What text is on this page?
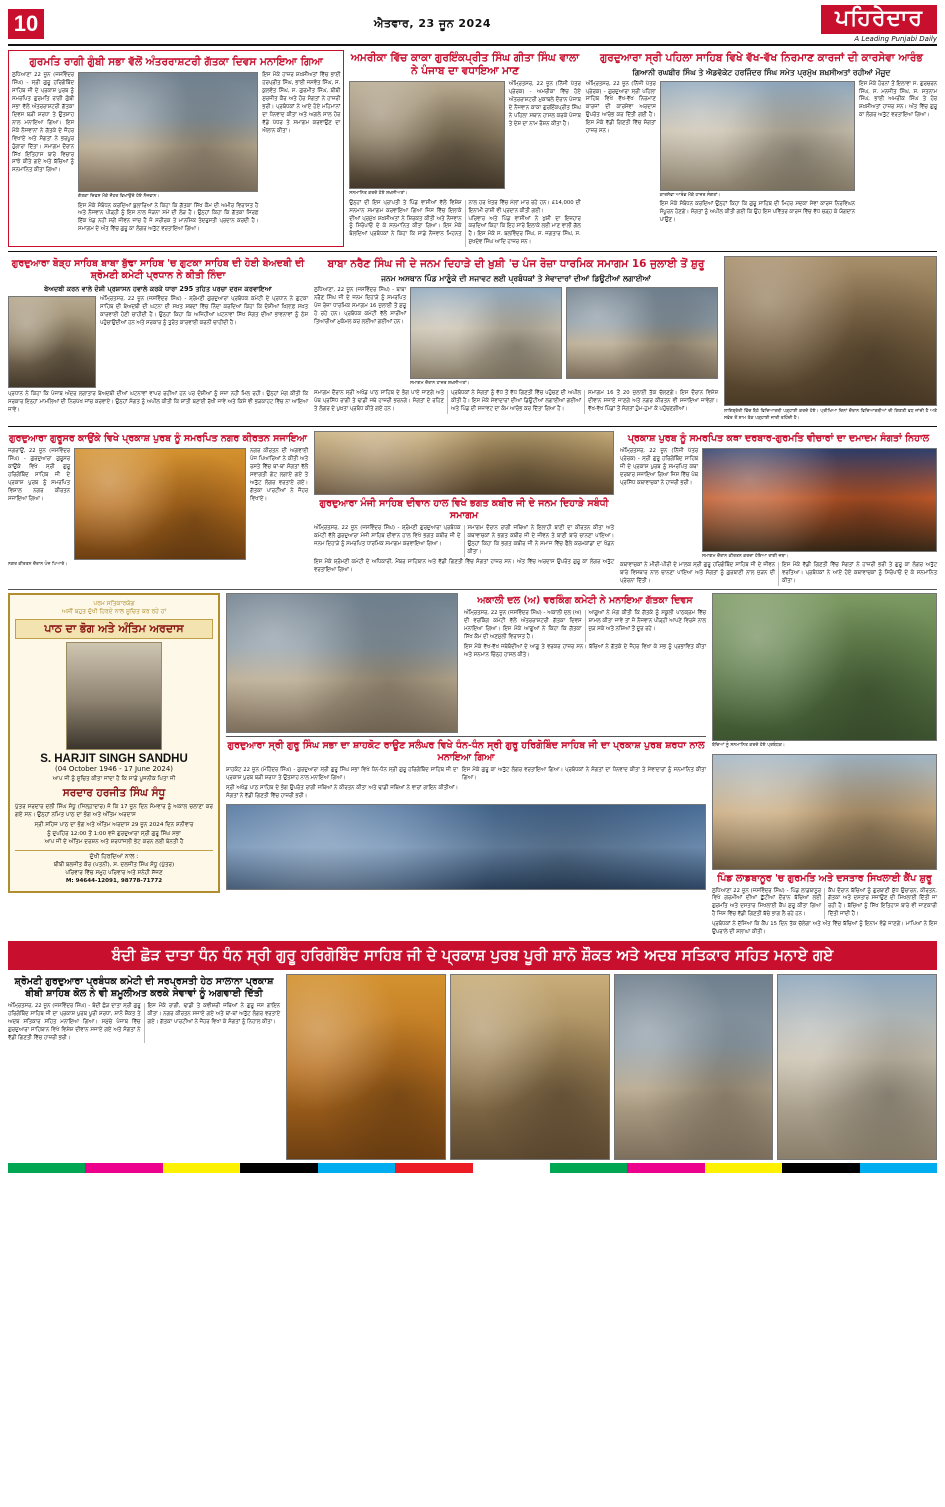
10	ਐਤਵਾਰ, 23 ਜੂਨ 2024	ਪਹਿਰੇਦਾਰ
A Leading Punjabi Daily
ਗੁਰਮਤਿ ਰਾਗੀ ਗੁੰਬੀ ਸਭਾ ਵੱਲੋਂ ਅੰਤਰਰਾਸ਼ਟਰੀ ਗੱਤਕਾ ਦਿਵਸ ਮਨਾਇਆ ਗਿਆ
ਲੁਧਿਆਣਾ 22 ਜੂਨ (ਜਸਵਿੰਦਰ ਸਿੰਘ) - ਸ੍ਰੀ ਗੁਰੂ ਹਰਿਗੋਬਿੰਦ ਸਾਹਿਬ ਜੀ ਦੇ ਪ੍ਰਕਾਸ਼ ਪੁਰਬ ਨੂੰ ਸਮਰਪਿਤ ਗੁਰਮਤਿ ਰਾਗੀ ਗੁੰਬੀ ਸਭਾ ਵੱਲੋਂ ਅੰਤਰਰਾਸ਼ਟਰੀ ਗੱਤਕਾ ਦਿਵਸ ਬੜੀ ਸ਼ਰਧਾ ਤੇ ਉਤਸ਼ਾਹ ਨਾਲ ਮਨਾਇਆ ਗਿਆ। ਇਸ ਮੌਕੇ ਨੌਜਵਾਨਾਂ ਨੇ ਗੱਤਕੇ ਦੇ ਜੌਹਰ ਵਿਖਾਏ ਅਤੇ ਸੰਗਤਾਂ ਨੇ ਭਰਪੂਰ ਹੁੰਗਾਰਾ ਦਿੱਤਾ। ਸਮਾਗਮ ਦੌਰਾਨ ਸਿੱਖ ਇਤਿਹਾਸ ਬਾਰੇ ਵਿਚਾਰ ਸਾਂਝੇ ਕੀਤੇ ਗਏ ਅਤੇ ਬੱਚਿਆਂ ਨੂੰ ਸਨਮਾਨਿਤ ਕੀਤਾ ਗਿਆ।
ਗੱਤਕਾ ਦਿਵਸ ਮੌਕੇ ਜੌਹਰ ਵਿਖਾਉਂਦੇ ਹੋਏ ਨੌਜਵਾਨ।
ਇਸ ਮੌਕੇ ਸੰਬੋਧਨ ਕਰਦਿਆਂ ਬੁਲਾਰਿਆਂ ਨੇ ਕਿਹਾ ਕਿ ਗੱਤਕਾ ਸਿੱਖ ਕੌਮ ਦੀ ਅਮੀਰ ਵਿਰਾਸਤ ਹੈ ਅਤੇ ਨੌਜਵਾਨ ਪੀੜ੍ਹੀ ਨੂੰ ਇਸ ਨਾਲ ਜੋੜਨਾ ਸਮੇਂ ਦੀ ਲੋੜ ਹੈ। ਉਨ੍ਹਾਂ ਕਿਹਾ ਕਿ ਗੱਤਕਾ ਸਿਰਫ਼ ਇੱਕ ਖੇਡ ਨਹੀਂ ਸਗੋਂ ਜੀਵਨ ਜਾਚ ਹੈ ਜੋ ਸਰੀਰਕ ਤੇ ਮਾਨਸਿਕ ਤੰਦਰੁਸਤੀ ਪ੍ਰਦਾਨ ਕਰਦੀ ਹੈ। ਸਮਾਗਮ ਦੇ ਅੰਤ ਵਿੱਚ ਗੁਰੂ ਕਾ ਲੰਗਰ ਅਤੁੱਟ ਵਰਤਾਇਆ ਗਿਆ।
ਇਸ ਮੌਕੇ ਹਾਜ਼ਰ ਸ਼ਖ਼ਸੀਅਤਾਂ ਵਿੱਚ ਭਾਈ ਹਰਪ੍ਰੀਤ ਸਿੰਘ, ਭਾਈ ਜਸਵੰਤ ਸਿੰਘ, ਸ. ਕੁਲਵੰਤ ਸਿੰਘ, ਸ. ਗੁਰਮੀਤ ਸਿੰਘ, ਬੀਬੀ ਸੁਰਜੀਤ ਕੌਰ ਅਤੇ ਹੋਰ ਸੰਗਤਾਂ ਨੇ ਹਾਜ਼ਰੀ ਭਰੀ। ਪ੍ਰਬੰਧਕਾਂ ਨੇ ਆਏ ਹੋਏ ਮਹਿਮਾਨਾਂ ਦਾ ਧੰਨਵਾਦ ਕੀਤਾ ਅਤੇ ਅਗਲੇ ਸਾਲ ਹੋਰ ਵੱਡੇ ਪੱਧਰ ਤੇ ਸਮਾਗਮ ਕਰਵਾਉਣ ਦਾ ਐਲਾਨ ਕੀਤਾ।
ਅਮਰੀਕਾ ਵਿੱਚ ਕਾਕਾ ਗੁਰਇੰਕਪ੍ਰੀਤ ਸਿੰਘ ਗੀਤਾ ਸਿੰਘ ਵਾਲਾ ਨੇ ਪੰਜਾਬ ਦਾ ਵਧਾਇਆ ਮਾਣ
ਅੰਮ੍ਰਿਤਸਰ, 22 ਜੂਨ (ਨਿੱਜੀ ਪੱਤਰ ਪ੍ਰੇਰਕ) - ਅਮਰੀਕਾ ਵਿੱਚ ਹੋਏ ਅੰਤਰਰਾਸ਼ਟਰੀ ਮੁਕਾਬਲੇ ਦੌਰਾਨ ਪੰਜਾਬ ਦੇ ਨੌਜਵਾਨ ਕਾਕਾ ਗੁਰਇੰਕਪ੍ਰੀਤ ਸਿੰਘ ਨੇ ਪਹਿਲਾ ਸਥਾਨ ਹਾਸਲ ਕਰਕੇ ਪੰਜਾਬ ਤੇ ਦੇਸ਼ ਦਾ ਨਾਮ ਰੌਸ਼ਨ ਕੀਤਾ ਹੈ।
ਸਨਮਾਨਿਤ ਕਰਦੇ ਹੋਏ ਸ਼ਖ਼ਸੀਅਤਾਂ।
ਉਨ੍ਹਾਂ ਦੀ ਇਸ ਪ੍ਰਾਪਤੀ ਤੇ ਪਿੰਡ ਵਾਸੀਆਂ ਵੱਲੋਂ ਵਿਸ਼ੇਸ਼ ਸਨਮਾਨ ਸਮਾਗਮ ਕਰਵਾਇਆ ਗਿਆ ਜਿਸ ਵਿੱਚ ਇਲਾਕੇ ਦੀਆਂ ਪ੍ਰਮੁੱਖ ਸ਼ਖ਼ਸੀਅਤਾਂ ਨੇ ਸ਼ਿਰਕਤ ਕੀਤੀ ਅਤੇ ਨੌਜਵਾਨ ਨੂੰ ਸਿਰੋਪਾਓ ਦੇ ਕੇ ਸਨਮਾਨਿਤ ਕੀਤਾ ਗਿਆ। ਇਸ ਮੌਕੇ ਬੋਲਦਿਆਂ ਪ੍ਰਬੰਧਕਾਂ ਨੇ ਕਿਹਾ ਕਿ ਸਾਡੇ ਨੌਜਵਾਨ ਮਿਹਨਤ ਨਾਲ ਹਰ ਖੇਤਰ ਵਿੱਚ ਮੱਲਾਂ ਮਾਰ ਰਹੇ ਹਨ। £14,000 ਦੀ ਇਨਾਮੀ ਰਾਸ਼ੀ ਵੀ ਪ੍ਰਦਾਨ ਕੀਤੀ ਗਈ।
ਪਰਿਵਾਰ ਅਤੇ ਪਿੰਡ ਵਾਸੀਆਂ ਨੇ ਖੁਸ਼ੀ ਦਾ ਇਜ਼ਹਾਰ ਕਰਦਿਆਂ ਕਿਹਾ ਕਿ ਇਹ ਸਾਰੇ ਇਲਾਕੇ ਲਈ ਮਾਣ ਵਾਲੀ ਗੱਲ ਹੈ। ਇਸ ਮੌਕੇ ਸ. ਬਲਵਿੰਦਰ ਸਿੰਘ, ਸ. ਜਗਤਾਰ ਸਿੰਘ, ਸ. ਸੁਖਦੇਵ ਸਿੰਘ ਆਦਿ ਹਾਜ਼ਰ ਸਨ।
ਗੁਰਦੁਆਰਾ ਸ੍ਰੀ ਪਹਿਲਾ ਸਾਹਿਬ ਵਿਖੇ ਵੱਖ-ਵੱਖ ਨਿਰਮਾਣ ਕਾਰਜਾਂ ਦੀ ਕਾਰਸੇਵਾ ਆਰੰਭ
ਗਿਆਨੀ ਰਘਬੀਰ ਸਿੰਘ ਤੇ ਐਡਵੋਕੇਟ ਹਰਜਿੰਦਰ ਸਿੰਘ ਸਮੇਤ ਪ੍ਰਮੁੱਖ ਸ਼ਖ਼ਸੀਅਤਾਂ ਰਹੀਆਂ ਮੌਜੂਦ
ਅੰਮ੍ਰਿਤਸਰ, 22 ਜੂਨ (ਨਿੱਜੀ ਪੱਤਰ ਪ੍ਰੇਰਕ) - ਗੁਰਦੁਆਰਾ ਸ੍ਰੀ ਪਹਿਲਾ ਸਾਹਿਬ ਵਿਖੇ ਵੱਖ-ਵੱਖ ਨਿਰਮਾਣ ਕਾਰਜਾਂ ਦੀ ਕਾਰਸੇਵਾ ਅਰਦਾਸ ਉਪਰੰਤ ਆਰੰਭ ਕਰ ਦਿੱਤੀ ਗਈ ਹੈ। ਇਸ ਮੌਕੇ ਵੱਡੀ ਗਿਣਤੀ ਵਿੱਚ ਸੰਗਤਾਂ ਹਾਜ਼ਰ ਸਨ।
ਕਾਰਸੇਵਾ ਆਰੰਭ ਮੌਕੇ ਹਾਜ਼ਰ ਸੰਗਤਾਂ।
ਇਸ ਮੌਕੇ ਸੰਬੋਧਨ ਕਰਦਿਆਂ ਉਨ੍ਹਾਂ ਕਿਹਾ ਕਿ ਗੁਰੂ ਸਾਹਿਬ ਦੀ ਮਿਹਰ ਸਦਕਾ ਸੇਵਾ ਕਾਰਜ ਨਿਰਵਿਘਨ ਸੰਪੂਰਨ ਹੋਣਗੇ। ਸੰਗਤਾਂ ਨੂੰ ਅਪੀਲ ਕੀਤੀ ਗਈ ਕਿ ਉਹ ਇਸ ਪਵਿੱਤਰ ਕਾਰਜ ਵਿੱਚ ਵੱਧ ਚੜ੍ਹ ਕੇ ਯੋਗਦਾਨ ਪਾਉਣ।
ਇਸ ਮੌਕੇ ਹੋਰਨਾਂ ਤੋਂ ਇਲਾਵਾ ਸ. ਗੁਰਚਰਨ ਸਿੰਘ, ਸ. ਮਨਜੀਤ ਸਿੰਘ, ਸ. ਸਤਨਾਮ ਸਿੰਘ, ਭਾਈ ਅਮਰੀਕ ਸਿੰਘ ਤੇ ਹੋਰ ਸ਼ਖ਼ਸੀਅਤਾਂ ਹਾਜ਼ਰ ਸਨ। ਅੰਤ ਵਿੱਚ ਗੁਰੂ ਕਾ ਲੰਗਰ ਅਤੁੱਟ ਵਰਤਾਇਆ ਗਿਆ।
ਗੁਰਦੁਆਰਾ ਬੋੜ੍ਹ ਸਾਹਿਬ ਬਾਬਾ ਬੁੱਢਾ ਸਾਹਿਬ 'ਚ ਗੁਟਕਾ ਸਾਹਿਬ ਦੀ ਹੋਈ ਬੇਅਦਬੀ ਦੀ ਸ਼੍ਰੋਮਣੀ ਕਮੇਟੀ ਪ੍ਰਧਾਨ ਨੇ ਕੀਤੀ ਨਿੰਦਾ
ਬੇਅਦਬੀ ਕਰਨ ਵਾਲੇ ਦੋਸ਼ੀ ਪ੍ਰਸ਼ਾਸਨ ਹਵਾਲੇ ਕਰਕੇ ਧਾਰਾ 295 ਤਹਿਤ ਪਰਚਾ ਦਰਜ ਕਰਵਾਇਆ
ਅੰਮ੍ਰਿਤਸਰ, 22 ਜੂਨ (ਜਸਵਿੰਦਰ ਸਿੰਘ) - ਸ਼੍ਰੋਮਣੀ ਗੁਰਦੁਆਰਾ ਪ੍ਰਬੰਧਕ ਕਮੇਟੀ ਦੇ ਪ੍ਰਧਾਨ ਨੇ ਗੁਟਕਾ ਸਾਹਿਬ ਦੀ ਬੇਅਦਬੀ ਦੀ ਘਟਨਾ ਦੀ ਸਖ਼ਤ ਸ਼ਬਦਾਂ ਵਿੱਚ ਨਿੰਦਾ ਕਰਦਿਆਂ ਕਿਹਾ ਕਿ ਦੋਸ਼ੀਆਂ ਖ਼ਿਲਾਫ਼ ਸਖ਼ਤ ਕਾਰਵਾਈ ਹੋਣੀ ਚਾਹੀਦੀ ਹੈ। ਉਨ੍ਹਾਂ ਕਿਹਾ ਕਿ ਅਜਿਹੀਆਂ ਘਟਨਾਵਾਂ ਸਿੱਖ ਸੰਗਤ ਦੀਆਂ ਭਾਵਨਾਵਾਂ ਨੂੰ ਠੇਸ ਪਹੁੰਚਾਉਂਦੀਆਂ ਹਨ ਅਤੇ ਸਰਕਾਰ ਨੂੰ ਤੁਰੰਤ ਕਾਰਵਾਈ ਕਰਨੀ ਚਾਹੀਦੀ ਹੈ।
ਪ੍ਰਧਾਨ ਨੇ ਕਿਹਾ ਕਿ ਪੰਜਾਬ ਅੰਦਰ ਲਗਾਤਾਰ ਬੇਅਦਬੀ ਦੀਆਂ ਘਟਨਾਵਾਂ ਵਾਪਰ ਰਹੀਆਂ ਹਨ ਪਰ ਦੋਸ਼ੀਆਂ ਨੂੰ ਸਜ਼ਾ ਨਹੀਂ ਮਿਲ ਰਹੀ। ਉਨ੍ਹਾਂ ਮੰਗ ਕੀਤੀ ਕਿ ਸਰਕਾਰ ਇਨ੍ਹਾਂ ਮਾਮਲਿਆਂ ਦੀ ਨਿਰਪੱਖ ਜਾਂਚ ਕਰਵਾਏ। ਉਨ੍ਹਾਂ ਸੰਗਤ ਨੂੰ ਅਪੀਲ ਕੀਤੀ ਕਿ ਸ਼ਾਂਤੀ ਬਣਾਈ ਰੱਖੀ ਜਾਵੇ ਅਤੇ ਕਿਸੇ ਵੀ ਭੜਕਾਹਟ ਵਿੱਚ ਨਾ ਆਇਆ ਜਾਵੇ।
ਬਾਬਾ ਨਰੈਣ ਸਿੰਘ ਜੀ ਦੇ ਜਨਮ ਦਿਹਾੜੇ ਦੀ ਖ਼ੁਸ਼ੀ 'ਚ ਪੰਜ ਰੋਜ਼ਾ ਧਾਰਮਿਕ ਸਮਾਗਮ 16 ਜੁਲਾਈ ਤੋਂ ਸ਼ੁਰੂ
ਜਨਮ ਅਸਥਾਨ ਪਿੰਡ ਮਾਣੂੰਕੇ ਦੀ ਸਜਾਵਟ ਲਈ ਪ੍ਰਬੰਧਕਾਂ ਤੇ ਸੇਵਾਦਾਰਾਂ ਦੀਆਂ ਡਿਊਟੀਆਂ ਲਗਾਈਆਂ
ਲੁਧਿਆਣਾ, 22 ਜੂਨ (ਜਸਵਿੰਦਰ ਸਿੰਘ) - ਬਾਬਾ ਨਰੈਣ ਸਿੰਘ ਜੀ ਦੇ ਜਨਮ ਦਿਹਾੜੇ ਨੂੰ ਸਮਰਪਿਤ ਪੰਜ ਰੋਜ਼ਾ ਧਾਰਮਿਕ ਸਮਾਗਮ 16 ਜੁਲਾਈ ਤੋਂ ਸ਼ੁਰੂ ਹੋ ਰਹੇ ਹਨ। ਪ੍ਰਬੰਧਕ ਕਮੇਟੀ ਵੱਲੋਂ ਸਾਰੀਆਂ ਤਿਆਰੀਆਂ ਮੁਕੰਮਲ ਕਰ ਲਈਆਂ ਗਈਆਂ ਹਨ।
ਸਮਾਗਮ ਦੌਰਾਨ ਹਾਜ਼ਰ ਸ਼ਖ਼ਸੀਅਤਾਂ।
ਸਮਾਗਮ ਦੌਰਾਨ ਸ੍ਰੀ ਅਖੰਡ ਪਾਠ ਸਾਹਿਬ ਦੇ ਭੋਗ ਪਾਏ ਜਾਣਗੇ ਅਤੇ ਪੰਥ ਪ੍ਰਸਿੱਧ ਰਾਗੀ ਤੇ ਢਾਡੀ ਜਥੇ ਹਾਜ਼ਰੀ ਭਰਨਗੇ। ਸੰਗਤਾਂ ਦੇ ਰਹਿਣ ਤੇ ਲੰਗਰ ਦੇ ਪੁਖ਼ਤਾ ਪ੍ਰਬੰਧ ਕੀਤੇ ਗਏ ਹਨ।
ਪ੍ਰਬੰਧਕਾਂ ਨੇ ਸੰਗਤਾਂ ਨੂੰ ਵੱਧ ਤੋਂ ਵੱਧ ਗਿਣਤੀ ਵਿੱਚ ਪਹੁੰਚਣ ਦੀ ਅਪੀਲ ਕੀਤੀ ਹੈ। ਇਸ ਮੌਕੇ ਸੇਵਾਦਾਰਾਂ ਦੀਆਂ ਡਿਊਟੀਆਂ ਲਗਾਈਆਂ ਗਈਆਂ ਅਤੇ ਪਿੰਡ ਦੀ ਸਜਾਵਟ ਦਾ ਕੰਮ ਆਰੰਭ ਕਰ ਦਿੱਤਾ ਗਿਆ ਹੈ।
ਸਮਾਗਮ 16 ਤੋਂ 20 ਜੁਲਾਈ ਤੱਕ ਚੱਲਣਗੇ। ਇਸ ਦੌਰਾਨ ਵਿਸ਼ੇਸ਼ ਦੀਵਾਨ ਸਜਾਏ ਜਾਣਗੇ ਅਤੇ ਨਗਰ ਕੀਰਤਨ ਵੀ ਸਜਾਇਆ ਜਾਵੇਗਾ। ਵੱਖ-ਵੱਖ ਪਿੰਡਾਂ ਤੋਂ ਸੰਗਤਾਂ ਹੁੰਮ-ਹੁਮਾ ਕੇ ਪਹੁੰਚਣਗੀਆਂ।	ਲਾਇਬ੍ਰੇਰੀ ਵਿੱਚ ਬੈਠੇ ਵਿਦਿਆਰਥੀ ਪੜ੍ਹਾਈ ਕਰਦੇ ਹੋਏ। ਪ੍ਰੀਖਿਆ ਦਿਨਾਂ ਦੌਰਾਨ ਵਿਦਿਆਰਥੀਆਂ ਦੀ ਗਿਣਤੀ ਵਧ ਜਾਂਦੀ ਹੈ ਅਤੇ ਸਵੇਰ ਤੋਂ ਸ਼ਾਮ ਤੱਕ ਪੜ੍ਹਾਈ ਜਾਰੀ ਰਹਿੰਦੀ ਹੈ।
ਗੁਰਦੁਆਰਾ ਗੁਰੂਸਰ ਕਾਉਂਕੇ ਵਿਖੇ ਪ੍ਰਕਾਸ਼ ਪੁਰਬ ਨੂੰ ਸਮਰਪਿਤ ਨਗਰ ਕੀਰਤਨ ਸਜਾਇਆ
ਜਗਰਾਉਂ, 22 ਜੂਨ (ਜਸਵਿੰਦਰ ਸਿੰਘ) - ਗੁਰਦੁਆਰਾ ਗੁਰੂਸਰ ਕਾਉਂਕੇ ਵਿਖੇ ਸ੍ਰੀ ਗੁਰੂ ਹਰਿਗੋਬਿੰਦ ਸਾਹਿਬ ਜੀ ਦੇ ਪ੍ਰਕਾਸ਼ ਪੁਰਬ ਨੂੰ ਸਮਰਪਿਤ ਵਿਸ਼ਾਲ ਨਗਰ ਕੀਰਤਨ ਸਜਾਇਆ ਗਿਆ।
ਨਗਰ ਕੀਰਤਨ ਦੀ ਅਗਵਾਈ ਪੰਜ ਪਿਆਰਿਆਂ ਨੇ ਕੀਤੀ ਅਤੇ ਰਸਤੇ ਵਿੱਚ ਥਾਂ-ਥਾਂ ਸੰਗਤਾਂ ਵੱਲੋਂ ਸਵਾਗਤੀ ਗੇਟ ਲਗਾਏ ਗਏ ਤੇ ਅਤੁੱਟ ਲੰਗਰ ਵਰਤਾਏ ਗਏ। ਗੱਤਕਾ ਪਾਰਟੀਆਂ ਨੇ ਜੌਹਰ ਵਿਖਾਏ।
ਨਗਰ ਕੀਰਤਨ ਦੌਰਾਨ ਪੰਜ ਪਿਆਰੇ।
ਗੁਰਦੁਆਰਾ ਮੰਜੀ ਸਾਹਿਬ ਦੀਵਾਨ ਹਾਲ ਵਿਖੇ ਭਗਤ ਕਬੀਰ ਜੀ ਦੇ ਜਨਮ ਦਿਹਾੜੇ ਸਬੰਧੀ ਸਮਾਗਮ
ਅੰਮ੍ਰਿਤਸਰ, 22 ਜੂਨ (ਜਸਵਿੰਦਰ ਸਿੰਘ) - ਸ਼੍ਰੋਮਣੀ ਗੁਰਦੁਆਰਾ ਪ੍ਰਬੰਧਕ ਕਮੇਟੀ ਵੱਲੋਂ ਗੁਰਦੁਆਰਾ ਮੰਜੀ ਸਾਹਿਬ ਦੀਵਾਨ ਹਾਲ ਵਿਖੇ ਭਗਤ ਕਬੀਰ ਜੀ ਦੇ ਜਨਮ ਦਿਹਾੜੇ ਨੂੰ ਸਮਰਪਿਤ ਧਾਰਮਿਕ ਸਮਾਗਮ ਕਰਵਾਇਆ ਗਿਆ।
ਸਮਾਗਮ ਦੌਰਾਨ ਰਾਗੀ ਜਥਿਆਂ ਨੇ ਇਲਾਹੀ ਬਾਣੀ ਦਾ ਕੀਰਤਨ ਕੀਤਾ ਅਤੇ ਕਥਾਵਾਚਕਾਂ ਨੇ ਭਗਤ ਕਬੀਰ ਜੀ ਦੇ ਜੀਵਨ ਤੇ ਬਾਣੀ ਬਾਰੇ ਚਾਨਣਾ ਪਾਇਆ। ਉਨ੍ਹਾਂ ਕਿਹਾ ਕਿ ਭਗਤ ਕਬੀਰ ਜੀ ਨੇ ਸਮਾਜ ਵਿੱਚ ਫੈਲੇ ਕਰਮਕਾਂਡਾਂ ਦਾ ਖੰਡਨ ਕੀਤਾ।
ਇਸ ਮੌਕੇ ਸ਼੍ਰੋਮਣੀ ਕਮੇਟੀ ਦੇ ਅਧਿਕਾਰੀ, ਮੈਂਬਰ ਸਾਹਿਬਾਨ ਅਤੇ ਵੱਡੀ ਗਿਣਤੀ ਵਿੱਚ ਸੰਗਤਾਂ ਹਾਜ਼ਰ ਸਨ। ਅੰਤ ਵਿੱਚ ਅਰਦਾਸ ਉਪਰੰਤ ਗੁਰੂ ਕਾ ਲੰਗਰ ਅਤੁੱਟ ਵਰਤਾਇਆ ਗਿਆ।
ਪ੍ਰਕਾਸ਼ ਪੁਰਬ ਨੂੰ ਸਮਰਪਿਤ ਕਥਾ ਦਰਬਾਰ-ਗੁਰਮਤਿ ਵੀਚਾਰਾਂ ਦਾ ਦਮਾਦਮ ਸੰਗਤਾਂ ਨਿਹਾਲ
ਅੰਮ੍ਰਿਤਸਰ, 22 ਜੂਨ (ਨਿੱਜੀ ਪੱਤਰ ਪ੍ਰੇਰਕ) - ਸ੍ਰੀ ਗੁਰੂ ਹਰਿਗੋਬਿੰਦ ਸਾਹਿਬ ਜੀ ਦੇ ਪ੍ਰਕਾਸ਼ ਪੁਰਬ ਨੂੰ ਸਮਰਪਿਤ ਕਥਾ ਦਰਬਾਰ ਸਜਾਇਆ ਗਿਆ ਜਿਸ ਵਿੱਚ ਪੰਥ ਪ੍ਰਸਿੱਧ ਕਥਾਵਾਚਕਾਂ ਨੇ ਹਾਜ਼ਰੀ ਭਰੀ।
ਸਮਾਗਮ ਦੌਰਾਨ ਕੀਰਤਨ ਕਰਦਾ ਹੋਇਆ ਰਾਗੀ ਜਥਾ।
ਕਥਾਵਾਚਕਾਂ ਨੇ ਮੀਰੀ-ਪੀਰੀ ਦੇ ਮਾਲਕ ਸ੍ਰੀ ਗੁਰੂ ਹਰਿਗੋਬਿੰਦ ਸਾਹਿਬ ਜੀ ਦੇ ਜੀਵਨ ਬਾਰੇ ਵਿਸਥਾਰ ਨਾਲ ਚਾਨਣਾ ਪਾਇਆ ਅਤੇ ਸੰਗਤਾਂ ਨੂੰ ਗੁਰਬਾਣੀ ਨਾਲ ਜੁੜਨ ਦੀ ਪ੍ਰੇਰਨਾ ਦਿੱਤੀ।
ਇਸ ਮੌਕੇ ਵੱਡੀ ਗਿਣਤੀ ਵਿੱਚ ਸੰਗਤਾਂ ਨੇ ਹਾਜ਼ਰੀ ਭਰੀ ਤੇ ਗੁਰੂ ਕਾ ਲੰਗਰ ਅਤੁੱਟ ਵਰਤਿਆ। ਪ੍ਰਬੰਧਕਾਂ ਨੇ ਆਏ ਹੋਏ ਕਥਾਵਾਚਕਾਂ ਨੂੰ ਸਿਰੋਪਾਓ ਦੇ ਕੇ ਸਨਮਾਨਿਤ ਕੀਤਾ।
ਪਰਮ ਸਤਿਕਾਰਯੋਗ
ਅਸੀਂ ਬਹੁਤ ਦੁੱਖੀ ਹਿਰਦੇ ਨਾਲ ਸੂਚਿਤ ਕਰ ਰਹੇ ਹਾਂ
ਪਾਠ ਦਾ ਭੋਗ ਅਤੇ ਅੰਤਿਮ ਅਰਦਾਸ
S. HARJIT SINGH SANDHU
(04 October 1946 - 17 June 2024)
ਆਪ ਜੀ ਨੂੰ ਸੂਚਿਤ ਕੀਤਾ ਜਾਂਦਾ ਹੈ ਕਿ ਸਾਡੇ ਪੂਜਨੀਕ ਪਿਤਾ ਜੀ
ਸਰਦਾਰ ਹਰਜੀਤ ਸਿੰਘ ਸੰਧੂ
ਪੁੱਤਰ ਸਰਦਾਰ ਦਲੀ ਸਿੰਘ ਸੰਧੂ (ਜਿਲ੍ਹਾਦਾਰ) ਜੋ ਕਿ 17 ਜੂਨ ਦਿਨ ਸੋਮਵਾਰ ਨੂੰ ਅਕਾਲ ਚਲਾਣਾ ਕਰ ਗਏ ਸਨ। ਉਨ੍ਹਾਂ ਨਮਿਤ ਪਾਠ ਦਾ ਭੋਗ ਅਤੇ ਅੰਤਿਮ ਅਰਦਾਸ
ਸ੍ਰੀ ਸਹਿਜ ਪਾਠ ਦਾ ਭੋਗ ਅਤੇ ਅੰਤਿਮ ਅਰਦਾਸ 29 ਜੂਨ 2024 ਦਿਨ ਸ਼ਨੀਵਾਰ
ਨੂੰ ਦੁਪਹਿਰ 12:00 ਤੋਂ 1:00 ਵਜੇ ਗੁਰਦੁਆਰਾ ਸ੍ਰੀ ਗੁਰੂ ਸਿੰਘ ਸਭਾ
ਆਪ ਜੀ ਦੇ ਅੰਤਿਮ ਦਰਸ਼ਨ ਅਤੇ ਸ਼ਰਧਾਂਜਲੀ ਭੇਟ ਕਰਨ ਲਈ ਬੇਨਤੀ ਹੈ
ਦੁੱਖੀ ਹਿਰਦਿਆਂ ਨਾਲ :
ਬੀਬੀ ਬਲਜੀਤ ਕੌਰ (ਪਤਨੀ), ਸ. ਦਲਜੀਤ ਸਿੰਘ ਸੰਧੂ (ਪੁੱਤਰ)
ਪਰਿਵਾਰ ਵਿੱਚ ਸਮੂਹ ਪਰਿਵਾਰ ਅਤੇ ਸਨੇਹੀ ਸੱਜਣ
M: 94644-12091, 98778-71772
ਅਕਾਲੀ ਦਲ (ਅ) ਵਰਕਿੰਗ ਕਮੇਟੀ ਨੇ ਮਨਾਇਆ ਗੱਤਕਾ ਦਿਵਸ
ਅੰਮ੍ਰਿਤਸਰ, 22 ਜੂਨ (ਜਸਵਿੰਦਰ ਸਿੰਘ) - ਅਕਾਲੀ ਦਲ (ਅ) ਦੀ ਵਰਕਿੰਗ ਕਮੇਟੀ ਵੱਲੋਂ ਅੰਤਰਰਾਸ਼ਟਰੀ ਗੱਤਕਾ ਦਿਵਸ ਮਨਾਇਆ ਗਿਆ। ਇਸ ਮੌਕੇ ਆਗੂਆਂ ਨੇ ਕਿਹਾ ਕਿ ਗੱਤਕਾ ਸਿੱਖ ਕੌਮ ਦੀ ਅਣਮੁੱਲੀ ਵਿਰਾਸਤ ਹੈ।
ਆਗੂਆਂ ਨੇ ਮੰਗ ਕੀਤੀ ਕਿ ਗੱਤਕੇ ਨੂੰ ਸਕੂਲੀ ਪਾਠਕ੍ਰਮ ਵਿੱਚ ਸ਼ਾਮਲ ਕੀਤਾ ਜਾਵੇ ਤਾਂ ਜੋ ਨੌਜਵਾਨ ਪੀੜ੍ਹੀ ਆਪਣੇ ਵਿਰਸੇ ਨਾਲ ਜੁੜ ਸਕੇ ਅਤੇ ਨਸ਼ਿਆਂ ਤੋਂ ਦੂਰ ਰਹੇ।
ਇਸ ਮੌਕੇ ਵੱਖ-ਵੱਖ ਜਥੇਬੰਦੀਆਂ ਦੇ ਆਗੂ ਤੇ ਵਰਕਰ ਹਾਜ਼ਰ ਸਨ। ਬੱਚਿਆਂ ਨੇ ਗੱਤਕੇ ਦੇ ਜੌਹਰ ਵਿਖਾ ਕੇ ਸਭ ਨੂੰ ਪ੍ਰਭਾਵਿਤ ਕੀਤਾ ਅਤੇ ਸਨਮਾਨ ਚਿੰਨ੍ਹ ਹਾਸਲ ਕੀਤੇ।
ਗੁਰਦੁਆਰਾ ਸ੍ਰੀ ਗੁਰੂ ਸਿੰਘ ਸਭਾ ਦਾ ਸ਼ਾਹਕੋਟ ਰਾਊਣ ਸਲੰਘਰ ਵਿਖੇ ਧੰਨ-ਧੰਨ ਸ੍ਰੀ ਗੁਰੂ ਹਰਿਗੋਬਿੰਦ ਸਾਹਿਬ ਜੀ ਦਾ ਪ੍ਰਕਾਸ਼ ਪੁਰਬ ਸ਼ਰਧਾ ਨਾਲ ਮਨਾਇਆ ਗਿਆ
ਸ਼ਾਹਕੋਟ 22 ਜੂਨ (ਮੋਹਿੰਦਰ ਸਿੰਘ) - ਗੁਰਦੁਆਰਾ ਸ੍ਰੀ ਗੁਰੂ ਸਿੰਘ ਸਭਾ ਵਿਖੇ ਧੰਨ-ਧੰਨ ਸ੍ਰੀ ਗੁਰੂ ਹਰਿਗੋਬਿੰਦ ਸਾਹਿਬ ਜੀ ਦਾ ਪ੍ਰਕਾਸ਼ ਪੁਰਬ ਬੜੀ ਸ਼ਰਧਾ ਤੇ ਉਤਸ਼ਾਹ ਨਾਲ ਮਨਾਇਆ ਗਿਆ।
ਸ੍ਰੀ ਅਖੰਡ ਪਾਠ ਸਾਹਿਬ ਦੇ ਭੋਗ ਉਪਰੰਤ ਰਾਗੀ ਜਥਿਆਂ ਨੇ ਕੀਰਤਨ ਕੀਤਾ ਅਤੇ ਢਾਡੀ ਜਥਿਆਂ ਨੇ ਵਾਰਾਂ ਗਾਇਨ ਕੀਤੀਆਂ। ਸੰਗਤਾਂ ਨੇ ਵੱਡੀ ਗਿਣਤੀ ਵਿੱਚ ਹਾਜ਼ਰੀ ਭਰੀ।
ਇਸ ਮੌਕੇ ਗੁਰੂ ਕਾ ਅਤੁੱਟ ਲੰਗਰ ਵਰਤਾਇਆ ਗਿਆ। ਪ੍ਰਬੰਧਕਾਂ ਨੇ ਸੰਗਤਾਂ ਦਾ ਧੰਨਵਾਦ ਕੀਤਾ ਤੇ ਸੇਵਾਦਾਰਾਂ ਨੂੰ ਸਨਮਾਨਿਤ ਕੀਤਾ ਗਿਆ।
ਬੱਚਿਆਂ ਨੂੰ ਸਨਮਾਨਿਤ ਕਰਦੇ ਹੋਏ ਪ੍ਰਬੰਧਕ।
ਪਿੰਡ ਲਾਡਬਾਨੂਰ 'ਚ ਗੁਰਮਤਿ ਅਤੇ ਦਸਤਾਰ ਸਿਖਲਾਈ ਕੈਂਪ ਸ਼ੁਰੂ
ਲੁਧਿਆਣਾ 22 ਜੂਨ (ਜਸਵਿੰਦਰ ਸਿੰਘ) - ਪਿੰਡ ਲਾਡਬਾਨੂਰ ਵਿਖੇ ਗਰਮੀਆਂ ਦੀਆਂ ਛੁੱਟੀਆਂ ਦੌਰਾਨ ਬੱਚਿਆਂ ਲਈ ਗੁਰਮਤਿ ਅਤੇ ਦਸਤਾਰ ਸਿਖਲਾਈ ਕੈਂਪ ਸ਼ੁਰੂ ਕੀਤਾ ਗਿਆ ਹੈ ਜਿਸ ਵਿੱਚ ਵੱਡੀ ਗਿਣਤੀ ਬੱਚੇ ਭਾਗ ਲੈ ਰਹੇ ਹਨ।
ਕੈਂਪ ਦੌਰਾਨ ਬੱਚਿਆਂ ਨੂੰ ਗੁਰਬਾਣੀ ਸ਼ੁੱਧ ਉਚਾਰਨ, ਕੀਰਤਨ, ਗੱਤਕਾ ਅਤੇ ਦਸਤਾਰ ਸਜਾਉਣ ਦੀ ਸਿਖਲਾਈ ਦਿੱਤੀ ਜਾ ਰਹੀ ਹੈ। ਬੱਚਿਆਂ ਨੂੰ ਸਿੱਖ ਇਤਿਹਾਸ ਬਾਰੇ ਵੀ ਜਾਣਕਾਰੀ ਦਿੱਤੀ ਜਾਂਦੀ ਹੈ।
ਪ੍ਰਬੰਧਕਾਂ ਨੇ ਦੱਸਿਆ ਕਿ ਕੈਂਪ 15 ਦਿਨ ਤੱਕ ਚੱਲੇਗਾ ਅਤੇ ਅੰਤ ਵਿੱਚ ਬੱਚਿਆਂ ਨੂੰ ਇਨਾਮ ਵੰਡੇ ਜਾਣਗੇ। ਮਾਪਿਆਂ ਨੇ ਇਸ ਉਪਰਾਲੇ ਦੀ ਸ਼ਲਾਘਾ ਕੀਤੀ।
ਬੰਦੀ ਛੋੜ ਦਾਤਾ ਧੰਨ ਧੰਨ ਸ੍ਰੀ ਗੁਰੂ ਹਰਿਗੋਬਿੰਦ ਸਾਹਿਬ ਜੀ ਦੇ ਪ੍ਰਕਾਸ਼ ਪੁਰਬ ਪੂਰੀ ਸ਼ਾਨੋ ਸ਼ੌਕਤ ਅਤੇ ਅਦਬ ਸਤਿਕਾਰ ਸਹਿਤ ਮਨਾਏ ਗਏ
ਸ਼੍ਰੋਮਣੀ ਗੁਰਦੁਆਰਾ ਪ੍ਰਬੰਧਕ ਕਮੇਟੀ ਦੀ ਸਰਪ੍ਰਸਤੀ ਹੇਠ ਸਾਲਾਨਾ ਪ੍ਰਕਾਸ਼ ਬੀਬੀ ਸ਼ਾਹਿਬ ਕੋਲ ਨੇ ਵੀ ਸ਼ਮੂਲੀਅਤ ਕਰਕੇ ਸੇਵਾਵਾਂ ਨੂੰ ਅਗਵਾਈ ਦਿੱਤੀ
ਅੰਮ੍ਰਿਤਸਰ, 22 ਜੂਨ (ਜਸਵਿੰਦਰ ਸਿੰਘ) - ਬੰਦੀ ਛੋੜ ਦਾਤਾ ਸ੍ਰੀ ਗੁਰੂ ਹਰਿਗੋਬਿੰਦ ਸਾਹਿਬ ਜੀ ਦਾ ਪ੍ਰਕਾਸ਼ ਪੁਰਬ ਪੂਰੀ ਸ਼ਰਧਾ, ਸ਼ਾਨੋ ਸ਼ੌਕਤ ਤੇ ਅਦਬ ਸਤਿਕਾਰ ਸਹਿਤ ਮਨਾਇਆ ਗਿਆ। ਸਮੁੱਚੇ ਪੰਜਾਬ ਵਿੱਚ ਗੁਰਦੁਆਰਾ ਸਾਹਿਬਾਨ ਵਿਖੇ ਵਿਸ਼ੇਸ਼ ਦੀਵਾਨ ਸਜਾਏ ਗਏ ਅਤੇ ਸੰਗਤਾਂ ਨੇ ਵੱਡੀ ਗਿਣਤੀ ਵਿੱਚ ਹਾਜ਼ਰੀ ਭਰੀ।
ਇਸ ਮੌਕੇ ਰਾਗੀ, ਢਾਡੀ ਤੇ ਕਵੀਸ਼ਰੀ ਜਥਿਆਂ ਨੇ ਗੁਰੂ ਜਸ ਗਾਇਨ ਕੀਤਾ। ਨਗਰ ਕੀਰਤਨ ਸਜਾਏ ਗਏ ਅਤੇ ਥਾਂ-ਥਾਂ ਅਤੁੱਟ ਲੰਗਰ ਵਰਤਾਏ ਗਏ। ਗੱਤਕਾ ਪਾਰਟੀਆਂ ਨੇ ਜੌਹਰ ਵਿਖਾ ਕੇ ਸੰਗਤਾਂ ਨੂੰ ਨਿਹਾਲ ਕੀਤਾ।
